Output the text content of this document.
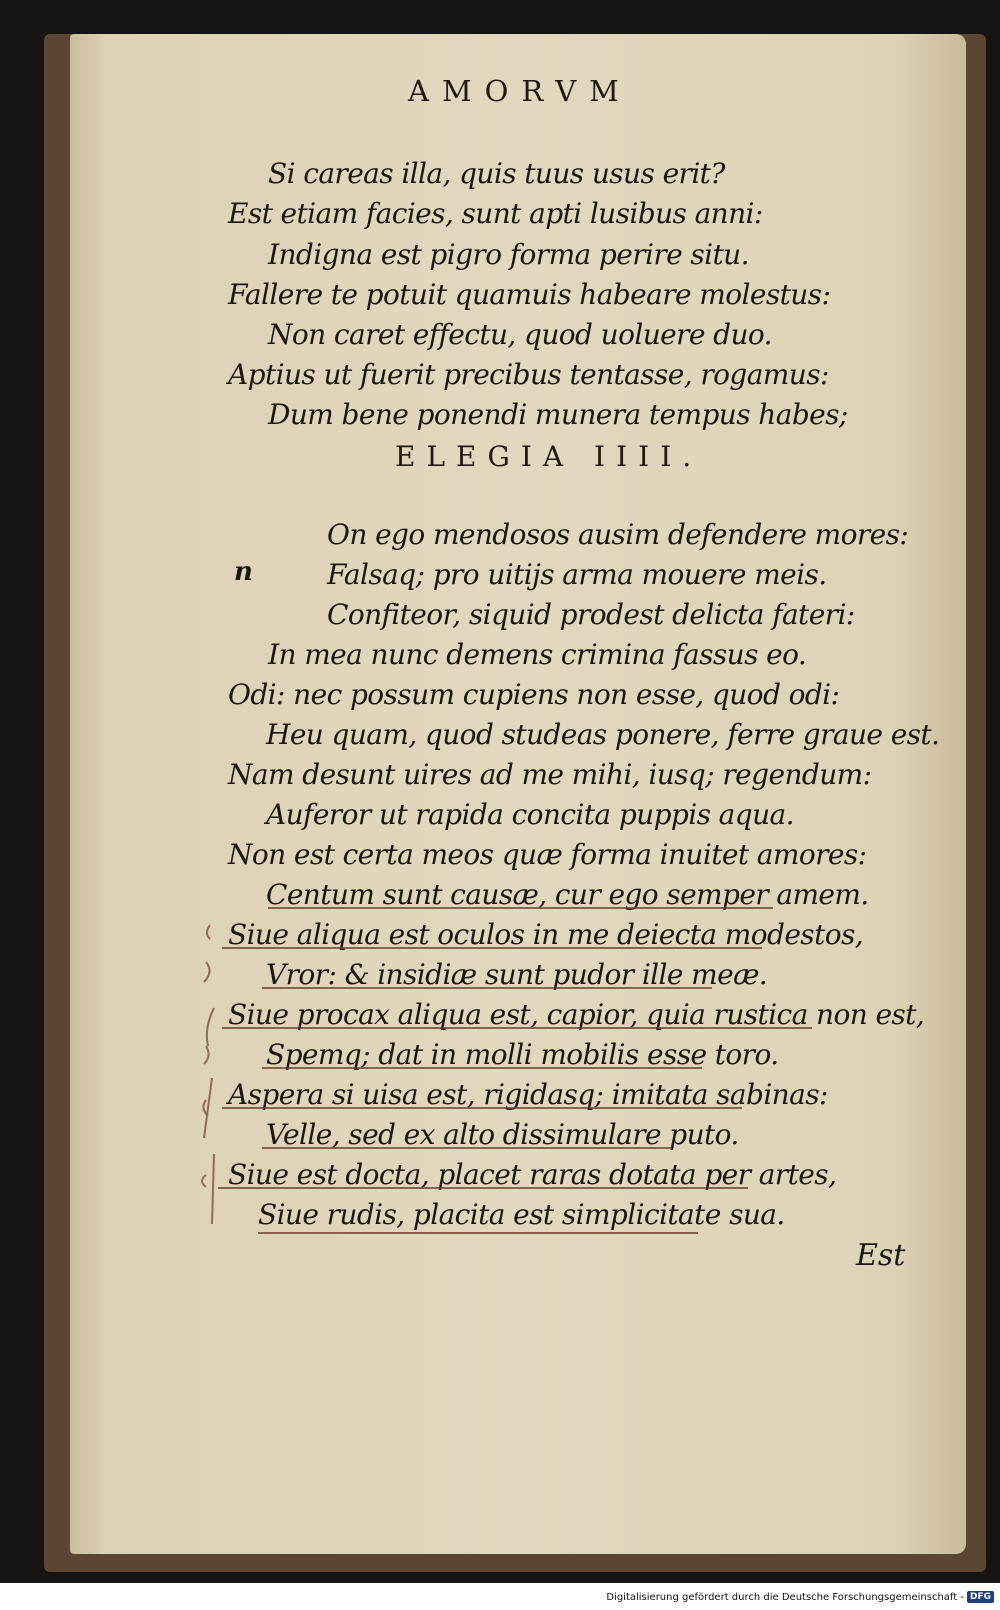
AMORVM
Si careas illa, quis tuus usus erit?
Est etiam facies, sunt apti lusibus anni:
Indigna est pigro forma perire situ.
Fallere te potuit quamuis habeare molestus:
Non caret effectu, quod uoluere duo.
Aptius ut fuerit precibus tentasse, rogamus:
Dum bene ponendi munera tempus habes;
ELEGIA IIII.
n
On ego mendosos ausim defendere mores:
Falsaq; pro uitijs arma mouere meis.
Confiteor, siquid prodest delicta fateri:
In mea nunc demens crimina fassus eo.
Odi: nec possum cupiens non esse, quod odi:
Heu quam, quod studeas ponere, ferre graue est.
Nam desunt uires ad me mihi, iusq; regendum:
Auferor ut rapida concita puppis aqua.
Non est certa meos quæ forma inuitet amores:
Centum sunt causæ, cur ego semper amem.
Siue aliqua est oculos in me deiecta modestos,
Vror: & insidiæ sunt pudor ille meæ.
Siue procax aliqua est, capior, quia rustica non est,
Spemq; dat in molli mobilis esse toro.
Aspera si uisa est, rigidasq; imitata sabinas:
Velle, sed ex alto dissimulare puto.
Siue est docta, placet raras dotata per artes,
Siue rudis, placita est simplicitate sua.
Est
Digitalisierung gefördert durch die Deutsche Forschungsgemeinschaft - DFG
